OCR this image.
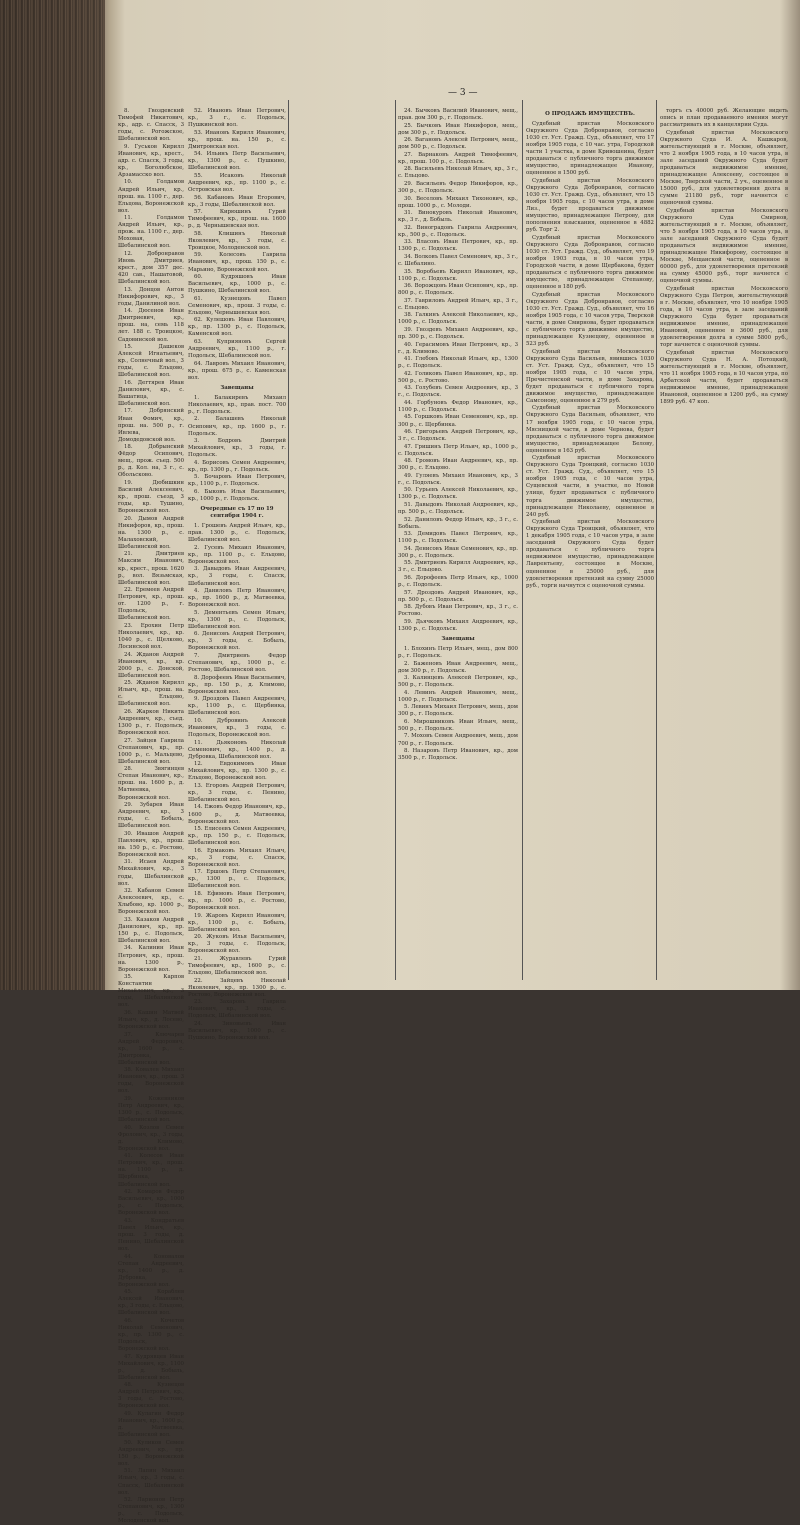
— 3 —
8. Гвоздевский Тимофей Никитович, кр., адр. с. Спасск, 3 годы, с. Рогожское, Шебалинской вол.
9. Гуськов Кирилл Иванович, кр., крест., адр. с. Спасск, 3 годы, кр., Боголюбское, Арзамасско вол.
10. Голдамов Андрей Ильич, кр., прош. на. 1100 г., дер. Ельцова, Воронежской вол.
11. Голдамов Андрей Ильич, кр., прож. на. 1100 г., дер. Моховая, Шебалинской вол.
12. Добронравов Ивовь Дмитриев, крест., дом 357 дес. 420 сав., Нашатовой, Шебалинской вол.
13. Донцов Антон Никифорович, кр., 3 годы, Данилиной вол.
14. Дюсенов Иван Дмитриевич, кр., прош. на, семь 118 лет. 188 с. Троицкое, Садовинской вол.
15. Дашеков Алексей Игнатьевич, кр., Солнечный вол., 3 годы, с. Ельцово, Шебалинской вол.
16. Дегтярев Иван Данилович, кр., с. Вашатица, Шебалинской вол.
17. Добрянский Иван Фомич, кр., прош. на. 500 р., г. Ивлева, Домодедовской вол.
18. Добрынский Фёдор Осипович, мещ., прож. съед. 500 р., д. Кол. на, 3 г., с. Обольсково.
19. Дюбишкин Василий Алексеевич, кр., прош. съезд, 3 годы, кр. Тушино, Воронежской вол.
20. Дымов Андрей Никифоров, кр., прош. на. 1300 р., с. Малаховский, Шебалинской вол.
21. Дмитриев Максим Иванович, кр., крест., прош. 1620 р., вол. Вязьмская, Шебалинской вол.
22. Еремеев Андрей Петрович, кр., прош. от. 1200 р., г. Подольск, Шебалинской вол.
23. Ерохин Петр Николаевич, кр., кр. 1040 р., с. Щелково, Лосинской вол.
24. Жданов Андрей Иванович, кр., кр. 2000 р., с. Донской, Шебалинской вол.
25. Жданов Кирилл Ильич, кр., прош. на. с. Ельцово, Шебалинской вол.
26. Жарков Никита Андреевич, кр., съед. 1300 р., г. Подольск, Воронежской вол.
27. Зайцев Гаврила Степанович, кр., пр. 1000 р., с. Мальцево, Шебалинской вол.
28. Звягинцев Степан Иванович, кр., прош. на. 1600 р., д. Матвеевка, Воронежской вол.
29. Зубарев Иван Андреевич, кр., 3 годы, с. Бобыль, Шебалинской вол.
30. Ивашов Андрей Павлович, кр., прош. на. 150 р., с. Ростово, Воронежской вол.
31. Исаев Андрей Михайлович, кр., 3 годы, Шебалинской вол.
32. Кабанов Семен Алексеевич, кр., с. Хлыбово, кр. 1000 р., Воронежской вол.
33. Казаков Андрей Данилович, кр., пр. 150 р., с. Подольск, Шебалинской вол.
34. Калинин Иван Петрович, кр., прош. на. 1300 р., Воронежской вол.
35. Карпов Константин Михайлович, кр., 3 годы, Шебалинской вол.
36. Кашин Матвей Ильич, кр., д. Лосево, Воронежской вол.
37. Ключарев Андрей Федорович, кр., 1600 р., с. Дмитровка, Шебалинской вол.
38. Ковалев Михаил Иванович, кр., прош. 3 годы, Воронежской вол.
39. Кожевников Петр Андреевич, кр., 1300 р., с. Подольск, Шебалинской вол.
40. Козлов Семен Фролович, кр., 3 годы, д. Климово, Воронежской вол.
41. Колесов Иван Петрович, кр., прош. на. 1100 р., д. Щербинка, Шебалинской вол.
42. Комаров Федор Васильевич, кр., 1000 р., с. Подольск, Воронежской вол.
43. Кондратьев Павел Ильич, кр., прош. 3 годы, д. Пенино, Шебалинской вол.
44. Коновалов Степан Андреевич, кр., 1400 р., д. Дубровка, Воронежской вол.
45. Кораблев Алексей Иванович, кр., 3 годы, с. Ельцово, Шебалинской вол.
46. Кочетов Николай Семенович, кр., пр. 1300 р., с. Подольск, Воронежской вол.
47. Кудрявцев Иван Михайлович, кр., 1100 р., д. Бобыль, Шебалинской вол.
48. Кузнецов Андрей Петрович, кр., 3 годы, с. Ростово, Воронежской вол.
49. Кулагин Федор Иванович, кр., 1600 р., д. Матвеевка, Шебалинской вол.
50. Куликов Семен Андреевич, кр., пр. 150 р., Воронежской вол.
51. Лапин Михаил Ильич, кр., 3 годы, с. Спасск, Шебалинской вол.
52. Ларионов Петр Степанович, кр., 1300 р., с. Подольск, Молоденской вол.
52. Ивановъ Иван Петрович, кр., 3 г., с. Подольск, Пушкинской вол.
53. Ивановъ Кирилл Иванович, кр., прош. на. 150 р., с. Дмитровская вол.
54. Ильинъ Петр Васильевич, кр., 1300 р., с. Пушкино, Шебалинской вол.
55. Исаковъ Николай Андреевич, кр., пр. 1100 р., с. Островская вол.
56. Кабановъ Иван Егорович, кр., 3 годы, Шебалинской вол.
57. Кирюшинъ Гурий Тимофеевич, кр., прош. на. 1600 р., д. Чернышевская вол.
58. Клишинъ Николай Яковлевич, кр., 3 годы, с. Троицкое, Молоденской вол.
59. Колесовъ Гаврила Иванович, кр., прош. 150 р., с. Марьино, Воронежской вол.
60. Кудряшовъ Иван Васильевич, кр., 1000 р., с. Пушкино, Шебалинской вол.
61. Кузнецовъ Павел Семенович, кр., прош. 3 годы, с. Ельцово, Чернышевская вол.
62. Кулешовъ Иван Павлович, кр., пр. 1300 р., с. Подольск, Каменской вол.
63. Куприяновъ Сергей Андреевич, кр., 1100 р., г. Подольск, Шебалинской вол.
64. Лавровъ Михаил Иванович, кр., прош. 675 р., с. Каменская вол.
Завещаны
1. Балакиревъ Михаил Николаевич, кр., прав. пост. 700 р., г. Подольск.
2. Балашевъ Николай Осипович, кр., пр. 1600 р., г. Подольск.
3. Бодровъ Дмитрий Михайлович, кр., 3 годы, г. Подольск.
4. Борисовъ Семен Андреевич, кр., пр. 1300 р., г. Подольск.
5. Бочаровъ Иван Петрович, кр., 1100 р., г. Подольск.
6. Быковъ Илья Васильевич, кр., 1000 р., г. Подольск.
Очередные съ 17 по 19 сентября 1904 г.
1. Грошевъ Андрей Ильич, кр., прав. 1300 р., с. Подольск, Шебалинской вол.
2. Гусевъ Михаил Иванович, кр., пр. 1100 р., с. Ельцово, Воронежской вол.
3. Давыдовъ Иван Андреевич, кр., 3 годы, с. Спасск, Шебалинской вол.
4. Даниловъ Петр Иванович, кр., пр. 1600 р., д. Матвеевка, Воронежской вол.
5. Дементьевъ Семен Ильич, кр., 1300 р., с. Подольск, Шебалинской вол.
6. Денисовъ Андрей Петрович, кр., 3 годы, с. Бобыль, Воронежской вол.
7. Дмитриевъ Федор Степанович, кр., 1000 р., с. Ростово, Шебалинской вол.
8. Дорофеевъ Иван Васильевич, кр., пр. 150 р., д. Климово, Воронежской вол.
9. Дроздовъ Павел Андреевич, кр., 1100 р., с. Щербинка, Шебалинской вол.
10. Дубровинъ Алексей Иванович, кр., 3 годы, с. Подольск, Воронежской вол.
11. Дьяконовъ Николай Семенович, кр., 1400 р., д. Дубровка, Шебалинской вол.
12. Евдокимовъ Иван Михайлович, кр., пр. 1300 р., с. Ельцово, Воронежской вол.
13. Егоровъ Андрей Петрович, кр., 3 годы, с. Пенино, Шебалинской вол.
14. Ежовъ Федор Иванович, кр., 1600 р., д. Матвеевка, Воронежской вол.
15. Елисеевъ Семен Андреевич, кр., пр. 150 р., с. Подольск, Шебалинской вол.
16. Ермаковъ Михаил Ильич, кр., 3 годы, с. Спасск, Воронежской вол.
17. Ершовъ Петр Степанович, кр., 1300 р., с. Подольск, Шебалинской вол.
18. Ефимовъ Иван Петрович, кр., пр. 1000 р., с. Ростово, Воронежской вол.
19. Жаровъ Кирилл Иванович, кр., 1100 р., с. Бобыль, Шебалинской вол.
20. Жуковъ Илья Васильевич, кр., 3 годы, с. Подольск, Воронежской вол.
21. Журавлевъ Гурий Тимофеевич, кр., 1600 р., с. Ельцово, Шебалинской вол.
22. Зайцевъ Николай Яковлевич, кр., пр. 1300 р., с. Ростово, Воронежской вол.
23. Захаровъ Гаврила Иванович, кр., 3 годы, с. Подольск, Шебалинской вол.
24. Зиновьевъ Иван Васильевич, кр., 1000 р., с. Пушкино, Воронежской вол.
24. Бычковъ Василий Иванович, мещ., прав. дом 300 р., г. Подольск.
25. Бычковъ Иван Никифоров, мещ., дом 300 р., г. Подольск.
26. Вагановъ Алексей Петрович, мещ., дом 500 р., с. Подольск.
27. Варнаковъ Андрей Тимофеевич, кр., прош. 100 р., с. Подольск.
28. Васильевъ Николай Ильич, кр., 3 г., с. Ельцово.
29. Васильевъ Федор Никифоров, кр., 300 р., с. Подольск.
30. Веселовъ Михаил Тихонович, кр., прош. 1000 р., с. Молоди.
31. Винокуровъ Николай Иванович, кр., 3 г., д. Бобыль.
32. Виноградовъ Гаврила Андреевич, кр., 500 р., с. Подольск.
33. Власовъ Иван Петрович, кр., пр. 1300 р., с. Подольск.
34. Волковъ Павел Семенович, кр., 3 г., с. Шебалино.
35. Воробьевъ Кирилл Иванович, кр., 1100 р., с. Подольск.
36. Ворожцовъ Иван Осипович, кр., пр. 800 р., с. Подольск.
37. Гавриловъ Андрей Ильич, кр., 3 г., с. Ельцово.
38. Галкинъ Алексей Николаевич, кр., 1000 р., с. Подольск.
39. Гвоздевъ Михаил Андреевич, кр., пр. 300 р., с. Подольск.
40. Герасимовъ Иван Петрович, кр., 3 г., д. Климово.
41. Глебовъ Николай Ильич, кр., 1300 р., с. Подольск.
42. Голиковъ Павел Иванович, кр., пр. 500 р., с. Ростово.
43. Голубевъ Семен Андреевич, кр., 3 г., с. Подольск.
44. Горбуновъ Федор Иванович, кр., 1100 р., с. Подольск.
45. Горшковъ Иван Семенович, кр., пр. 300 р., с. Щербинка.
46. Григорьевъ Андрей Петрович, кр., 3 г., с. Подольск.
47. Гришинъ Петр Ильич, кр., 1000 р., с. Подольск.
48. Громовъ Иван Андреевич, кр., пр. 300 р., с. Ельцово.
49. Гуляевъ Михаил Иванович, кр., 3 г., с. Подольск.
50. Гурьевъ Алексей Николаевич, кр., 1300 р., с. Подольск.
51. Давыдовъ Николай Андреевич, кр., пр. 500 р., с. Подольск.
52. Даниловъ Федор Ильич, кр., 3 г., с. Бобыль.
53. Демидовъ Павел Петрович, кр., 1100 р., с. Подольск.
54. Денисовъ Иван Семенович, кр., пр. 300 р., с. Подольск.
55. Дмитриевъ Кирилл Андреевич, кр., 3 г., с. Ельцово.
56. Дорофеевъ Петр Ильич, кр., 1000 р., с. Подольск.
57. Дроздовъ Андрей Иванович, кр., пр. 500 р., с. Подольск.
58. Дубовъ Иван Петрович, кр., 3 г., с. Ростово.
59. Дьячковъ Михаил Андреевич, кр., 1300 р., с. Подольск.
Завещаны
1. Блохинъ Петр Ильич, мещ., дом 800 р., г. Подольск.
2. Баженовъ Иван Андреевич, мещ., дом 300 р., г. Подольск.
3. Калинцевъ Алексей Петрович, кр., 500 р., г. Подольск.
4. Левинъ Андрей Иванович, мещ., 1000 р., г. Подольск.
5. Левинъ Михаил Петрович, мещ., дом 300 р., г. Подольск.
6. Мирошниковъ Иван Ильич, мещ., 500 р., г. Подольск.
7. Моховъ Семен Андреевич, мещ., дом 700 р., г. Подольск.
8. Назаровъ Петр Иванович, кр., дом 3500 р., г. Подольск.
О ПРОДАЖѢ ИМУЩЕСТВЪ.
Судебный пристав Московского Окружного Суда Добронравов, согласно 1030 ст. Уст. Гражд. Суд., объявляет, что 17 ноября 1905 года, с 10 час. утра, Городской части 1 участка, в доме Кривошеина, будет продаваться с публичного торга движимое имущество, принадлежащее Иванову, оцененное в 1500 руб.
Судебный пристав Московского Окружного Суда Добронравов, согласно 1030 ст. Уст. Гражд. Суд., объявляет, что 15 ноября 1905 года, с 10 часов утра, в доме Лиз., будет продаваться движимое имущество, принадлежащее Петрову, для пополнения взыскания, оцененное в 4882 руб. Торг 2.
Судебный пристав Московского Окружного Суда Добронравов, согласно 1030 ст. Уст. Гражд. Суд., объявляет, что 19 ноября 1903 года, в 10 часов утра, Городской части, в доме Щербакова, будет продаваться с публичного торга движимое имущество, принадлежащее Степанову, оцененное в 180 руб.
Судебный пристав Московского Окружного Суда Добронравов, согласно 1030 ст. Уст. Гражд. Суд., объявляет, что 16 ноября 1905 года, с 10 часов утра, Тверской части, в доме Смирнова, будет продаваться с публичного торга движимое имущество, принадлежащее Кузнецову, оцененное в 523 руб.
Судебный пристав Московского Окружного Суда Васильев, явившись 1030 ст. Уст. Гражд. Суд., объявляет, что 15 ноября 1905 года, с 10 часов утра, Пречистенской части, в доме Захарова, будет продаваться с публичного торга движимое имущество, принадлежащее Самсонову, оцененное в 279 руб.
Судебный пристав Московского Окружного Суда Васильев, объявляет, что 17 ноября 1905 года, с 10 часов утра, Мясницкой части, в доме Чернова, будет продаваться с публичного торга движимое имущество, принадлежащее Белову, оцененное в 163 руб.
Судебный пристав Московского Окружного Суда Троицкий, согласно 1030 ст. Уст. Гражд. Суд., объявляет, что 15 ноября 1905 года, с 10 часов утра, Сущевской части, в участке, по Новой улице, будет продаваться с публичного торга движимое имущество, принадлежащее Николаеву, оцененное в 240 руб.
Судебный пристав Московского Окружного Суда Троицкий, объявляет, что 1 декабря 1905 года, с 10 часов утра, в зале заседаний Окружного Суда будет продаваться с публичного торга недвижимое имущество, принадлежащее Лаврентьеву, состоящее в Москве, оцененное в 25000 руб., для удовлетворения претензий на сумму 25000 руб., торги начнутся с оценочной суммы.
торгъ съ 40000 руб. Желающие видеть опись и план продаваемого имения могут рассматривать их в канцелярии Суда.
Судебный пристав Московского Окружного Суда И. А. Кашкаров, жительствующий в г. Москве, объявляет, что 2 ноября 1905 года, в 10 часов утра, в зале заседаний Окружного Суда будет продаваться недвижимое имение, принадлежащее Алексееву, состоящее в Москве, Тверской части, 2 уч., оцененное в 15000 руб., для удовлетворения долга в сумме 21180 руб., торг начнется с оценочной суммы.
Судебный пристав Московского Окружного Суда Смирнов, жительствующий в г. Москве, объявляет, что 5 ноября 1905 года, в 10 часов утра, в зале заседаний Окружного Суда будет продаваться недвижимое имение, принадлежащее Никифорову, состоящее в Москве, Мещанской части, оцененное в 60000 руб., для удовлетворения претензий на сумму 45000 руб., торг начнется с оценочной суммы.
Судебный пристав Московского Окружного Суда Петров, жительствующий в г. Москве, объявляет, что 10 ноября 1905 года, в 10 часов утра, в зале заседаний Окружного Суда будет продаваться недвижимое имение, принадлежащее Ивановой, оцененное в 3600 руб., для удовлетворения долга в сумме 5800 руб., торг начнется с оценочной суммы.
Судебный пристав Московского Окружного Суда Н. А. Потоцкий, жительствующий в г. Москве, объявляет, что 11 ноября 1905 года, в 10 часов утра, по Арбатской части, будет продаваться недвижимое имение, принадлежащее Ивановой, оцененное в 1200 руб., на сумму 1899 руб. 47 коп.
